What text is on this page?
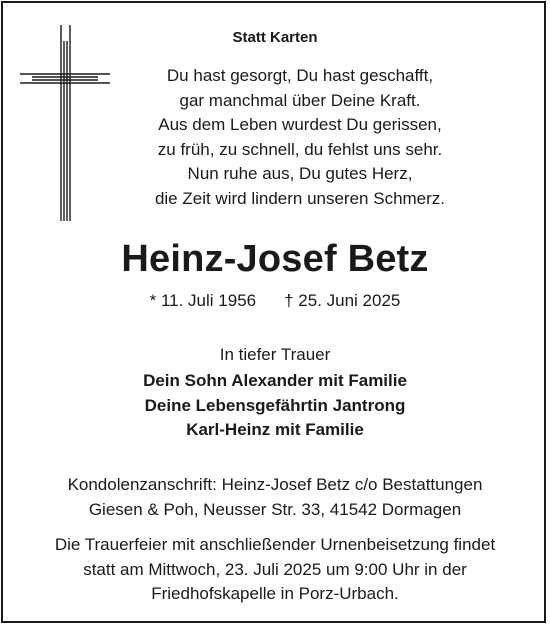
Statt Karten
Du hast gesorgt, Du hast geschafft,
gar manchmal über Deine Kraft.
Aus dem Leben wurdest Du gerissen,
zu früh, zu schnell, du fehlst uns sehr.
Nun ruhe aus, Du gutes Herz,
die Zeit wird lindern unseren Schmerz.
Heinz-Josef Betz
* 11. Juli 1956 † 25. Juni 2025
In tiefer Trauer
Dein Sohn Alexander mit Familie
Deine Lebensgefährtin Jantrong
Karl-Heinz mit Familie
Kondolenzanschrift: Heinz-Josef Betz c/o Bestattungen
Giesen & Poh, Neusser Str. 33, 41542 Dormagen
Die Trauerfeier mit anschließender Urnenbeisetzung findet
statt am Mittwoch, 23. Juli 2025 um 9:00 Uhr in der
Friedhofskapelle in Porz-Urbach.
